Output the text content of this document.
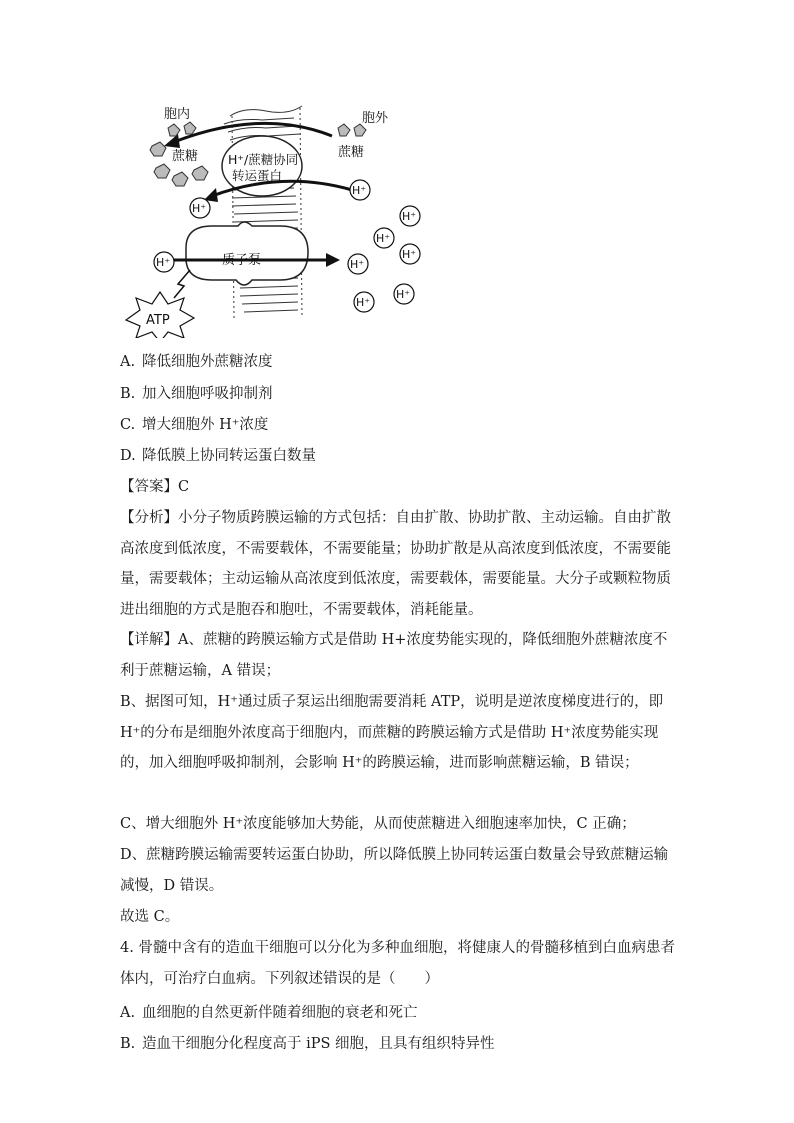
H⁺/蔗糖协同
转运蛋白
质子泵
胞内	胞外
蔗糖	蔗糖
H⁺
H⁺
H⁺
H⁺
H⁺
H⁺	H⁺
H⁺
H⁺
ATP
A. 降低细胞外蔗糖浓度
B. 加入细胞呼吸抑制剂
C. 增大细胞外 H⁺浓度
D. 降低膜上协同转运蛋白数量

【答案】C

【分析】小分子物质跨膜运输的方式包括：自由扩散、协助扩散、主动运输。自由扩散高浓度到低浓度，不需要载体，不需要能量；协助扩散是从高浓度到低浓度，不需要能量，需要载体；主动运输从高浓度到低浓度，需要载体，需要能量。大分子或颗粒物质进出细胞的方式是胞吞和胞吐，不需要载体，消耗能量。

【详解】A、蔗糖的跨膜运输方式是借助 H+浓度势能实现的，降低细胞外蔗糖浓度不利于蔗糖运输，A 错误；

B、据图可知，H⁺通过质子泵运出细胞需要消耗 ATP，说明是逆浓度梯度进行的，即 H⁺的分布是细胞外浓度高于细胞内，而蔗糖的跨膜运输方式是借助 H⁺浓度势能实现的，加入细胞呼吸抑制剂，会影响 H⁺的跨膜运输，进而影响蔗糖运输，B 错误；

C、增大细胞外 H⁺浓度能够加大势能，从而使蔗糖进入细胞速率加快，C 正确；

D、蔗糖跨膜运输需要转运蛋白协助，所以降低膜上协同转运蛋白数量会导致蔗糖运输减慢，D 错误。

故选 C。

4. 骨髓中含有的造血干细胞可以分化为多种血细胞，将健康人的骨髓移植到白血病患者体内，可治疗白血病。下列叙述错误的是（　　）

A. 血细胞的自然更新伴随着细胞的衰老和死亡
B. 造血干细胞分化程度高于 iPS 细胞，且具有组织特异性
